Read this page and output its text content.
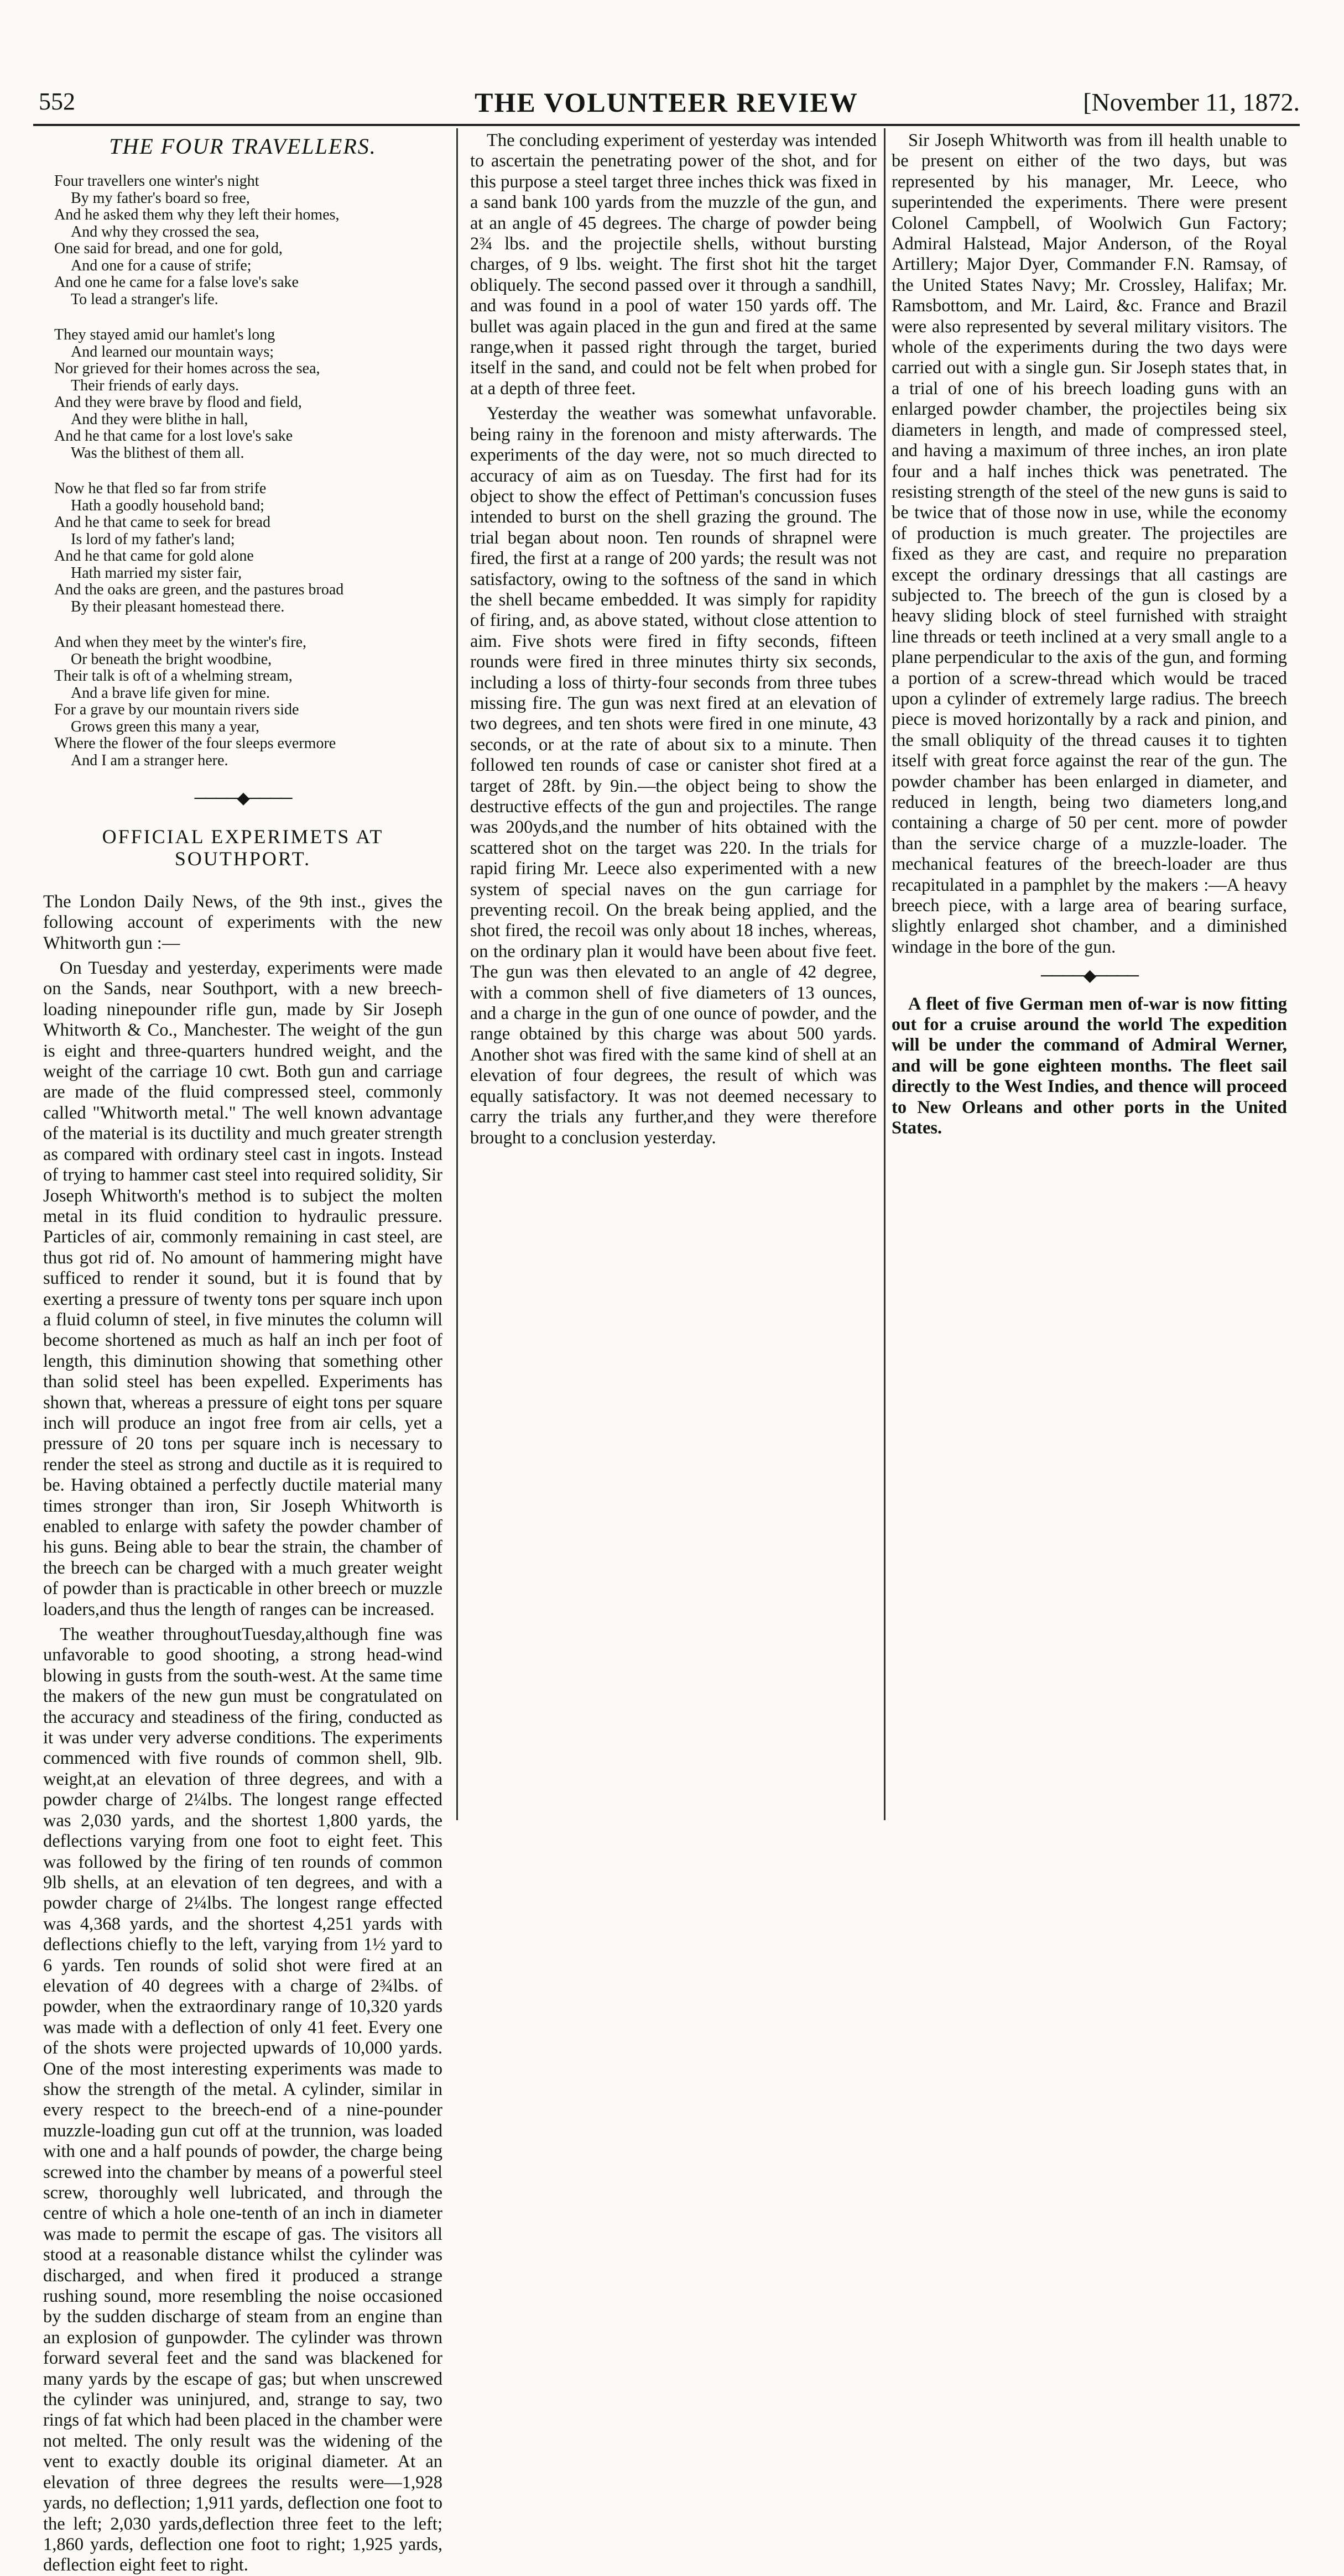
552	THE VOLUNTEER REVIEW	[November 11, 1872.
THE FOUR TRAVELLERS.
Four travellers one winter's night
By my father's board so free,
And he asked them why they left their homes,
And why they crossed the sea,
One said for bread, and one for gold,
And one for a cause of strife;
And one he came for a false love's sake
To lead a stranger's life.
They stayed amid our hamlet's long
And learned our mountain ways;
Nor grieved for their homes across the sea,
Their friends of early days.
And they were brave by flood and field,
And they were blithe in hall,
And he that came for a lost love's sake
Was the blithest of them all.
Now he that fled so far from strife
Hath a goodly household band;
And he that came to seek for bread
Is lord of my father's land;
And he that came for gold alone
Hath married my sister fair,
And the oaks are green, and the pastures broad
By their pleasant homestead there.
And when they meet by the winter's fire,
Or beneath the bright woodbine,
Their talk is oft of a whelming stream,
And a brave life given for mine.
For a grave by our mountain rivers side
Grows green this many a year,
Where the flower of the four sleeps evermore
And I am a stranger here.
────◆────
OFFICIAL EXPERIMETS AT SOUTHPORT.

The London Daily News, of the 9th inst., gives the following account of experiments with the new Whitworth gun :—

On Tuesday and yesterday, experiments were made on the Sands, near Southport, with a new breech-loading ninepounder rifle gun, made by Sir Joseph Whitworth & Co., Manchester. The weight of the gun is eight and three-quarters hundred weight, and the weight of the carriage 10 cwt. Both gun and carriage are made of the fluid compressed steel, commonly called "Whitworth metal." The well known advantage of the material is its ductility and much greater strength as compared with ordinary steel cast in ingots. Instead of trying to hammer cast steel into required solidity, Sir Joseph Whitworth's method is to subject the molten metal in its fluid condition to hydraulic pressure. Particles of air, commonly remaining in cast steel, are thus got rid of. No amount of hammering might have sufficed to render it sound, but it is found that by exerting a pressure of twenty tons per square inch upon a fluid column of steel, in five minutes the column will become shortened as much as half an inch per foot of length, this diminution showing that something other than solid steel has been expelled. Experiments has shown that, whereas a pressure of eight tons per square inch will produce an ingot free from air cells, yet a pressure of 20 tons per square inch is necessary to render the steel as strong and ductile as it is required to be. Having obtained a perfectly ductile material many times stronger than iron, Sir Joseph Whitworth is enabled to enlarge with safety the powder chamber of his guns. Being able to bear the strain, the chamber of the breech can be charged with a much greater weight of powder than is practicable in other breech or muzzle loaders,and thus the length of ranges can be increased.

The weather throughoutTuesday,although fine was unfavorable to good shooting, a strong head-wind blowing in gusts from the south-west. At the same time the makers of the new gun must be congratulated on the accuracy and steadiness of the firing, conducted as it was under very adverse conditions. The experiments commenced with five rounds of common shell, 9lb. weight,at an elevation of three degrees, and with a powder charge of 2¼lbs. The longest range effected was 2,030 yards, and the shortest 1,800 yards, the deflections varying from one foot to eight feet. This was followed by the firing of ten rounds of common 9lb shells, at an elevation of ten degrees, and with a powder charge of 2¼lbs. The longest range effected was 4,368 yards, and the shortest 4,251 yards with deflections chiefly to the left, varying from 1½ yard to 6 yards. Ten rounds of solid shot were fired at an elevation of 40 degrees with a charge of 2¾lbs. of powder, when the extraordinary range of 10,320 yards was made with a deflection of only 41 feet. Every one of the shots were projected upwards of 10,000 yards. One of the most interesting experiments was made to show the strength of the metal. A cylinder, similar in every respect to the breech-end of a nine-pounder muzzle-loading gun cut off at the trunnion, was loaded with one and a half pounds of powder, the charge being screwed into the chamber by means of a powerful steel screw, thoroughly well lubricated, and through the centre of which a hole one-tenth of an inch in diameter was made to permit the escape of gas. The visitors all stood at a reasonable distance whilst the cylinder was discharged, and when fired it produced a strange rushing sound, more resembling the noise occasioned by the sudden discharge of steam from an engine than an explosion of gunpowder. The cylinder was thrown forward several feet and the sand was blackened for many yards by the escape of gas; but when unscrewed the cylinder was uninjured, and, strange to say, two rings of fat which had been placed in the chamber were not melted. The only result was the widening of the vent to exactly double its original diameter. At an elevation of three degrees the results were—1,928 yards, no deflection; 1,911 yards, deflection one foot to the left; 2,030 yards,deflection three feet to the left; 1,860 yards, deflection one foot to right; 1,925 yards, deflection eight feet to right.

The concluding experiment of yesterday was intended to ascertain the penetrating power of the shot, and for this purpose a steel target three inches thick was fixed in a sand bank 100 yards from the muzzle of the gun, and at an angle of 45 degrees. The charge of powder being 2¾ lbs. and the projectile shells, without bursting charges, of 9 lbs. weight. The first shot hit the target obliquely. The second passed over it through a sandhill, and was found in a pool of water 150 yards off. The bullet was again placed in the gun and fired at the same range,when it passed right through the target, buried itself in the sand, and could not be felt when probed for at a depth of three feet.

Yesterday the weather was somewhat unfavorable. being rainy in the forenoon and misty afterwards. The experiments of the day were, not so much directed to accuracy of aim as on Tuesday. The first had for its object to show the effect of Pettiman's concussion fuses intended to burst on the shell grazing the ground. The trial began about noon. Ten rounds of shrapnel were fired, the first at a range of 200 yards; the result was not satisfactory, owing to the softness of the sand in which the shell became embedded. It was simply for rapidity of firing, and, as above stated, without close attention to aim. Five shots were fired in fifty seconds, fifteen rounds were fired in three minutes thirty six seconds, including a loss of thirty-four seconds from three tubes missing fire. The gun was next fired at an elevation of two degrees, and ten shots were fired in one minute, 43 seconds, or at the rate of about six to a minute. Then followed ten rounds of case or canister shot fired at a target of 28ft. by 9in.—the object being to show the destructive effects of the gun and projectiles. The range was 200yds,and the number of hits obtained with the scattered shot on the target was 220. In the trials for rapid firing Mr. Leece also experimented with a new system of special naves on the gun carriage for preventing recoil. On the break being applied, and the shot fired, the recoil was only about 18 inches, whereas, on the ordinary plan it would have been about five feet. The gun was then elevated to an angle of 42 degree, with a common shell of five diameters of 13 ounces, and a charge in the gun of one ounce of powder, and the range obtained by this charge was about 500 yards. Another shot was fired with the same kind of shell at an elevation of four degrees, the result of which was equally satisfactory. It was not deemed necessary to carry the trials any further,and they were therefore brought to a conclusion yesterday.

Sir Joseph Whitworth was from ill health unable to be present on either of the two days, but was represented by his manager, Mr. Leece, who superintended the experiments. There were present Colonel Campbell, of Woolwich Gun Factory; Admiral Halstead, Major Anderson, of the Royal Artillery; Major Dyer, Commander F.N. Ramsay, of the United States Navy; Mr. Crossley, Halifax; Mr. Ramsbottom, and Mr. Laird, &c. France and Brazil were also represented by several military visitors. The whole of the experiments during the two days were carried out with a single gun. Sir Joseph states that, in a trial of one of his breech loading guns with an enlarged powder chamber, the projectiles being six diameters in length, and made of compressed steel, and having a maximum of three inches, an iron plate four and a half inches thick was penetrated. The resisting strength of the steel of the new guns is said to be twice that of those now in use, while the economy of production is much greater. The projectiles are fixed as they are cast, and require no preparation except the ordinary dressings that all castings are subjected to. The breech of the gun is closed by a heavy sliding block of steel furnished with straight line threads or teeth inclined at a very small angle to a plane perpendicular to the axis of the gun, and forming a portion of a screw-thread which would be traced upon a cylinder of extremely large radius. The breech piece is moved horizontally by a rack and pinion, and the small obliquity of the thread causes it to tighten itself with great force against the rear of the gun. The powder chamber has been enlarged in diameter, and reduced in length, being two diameters long,and containing a charge of 50 per cent. more of powder than the service charge of a muzzle-loader. The mechanical features of the breech-loader are thus recapitulated in a pamphlet by the makers :—A heavy breech piece, with a large area of bearing surface, slightly enlarged shot chamber, and a diminished windage in the bore of the gun.

────◆────

A fleet of five German men of-war is now fitting out for a cruise around the world The expedition will be under the command of Admiral Werner, and will be gone eighteen months. The fleet sail directly to the West Indies, and thence will proceed to New Orleans and other ports in the United States.
